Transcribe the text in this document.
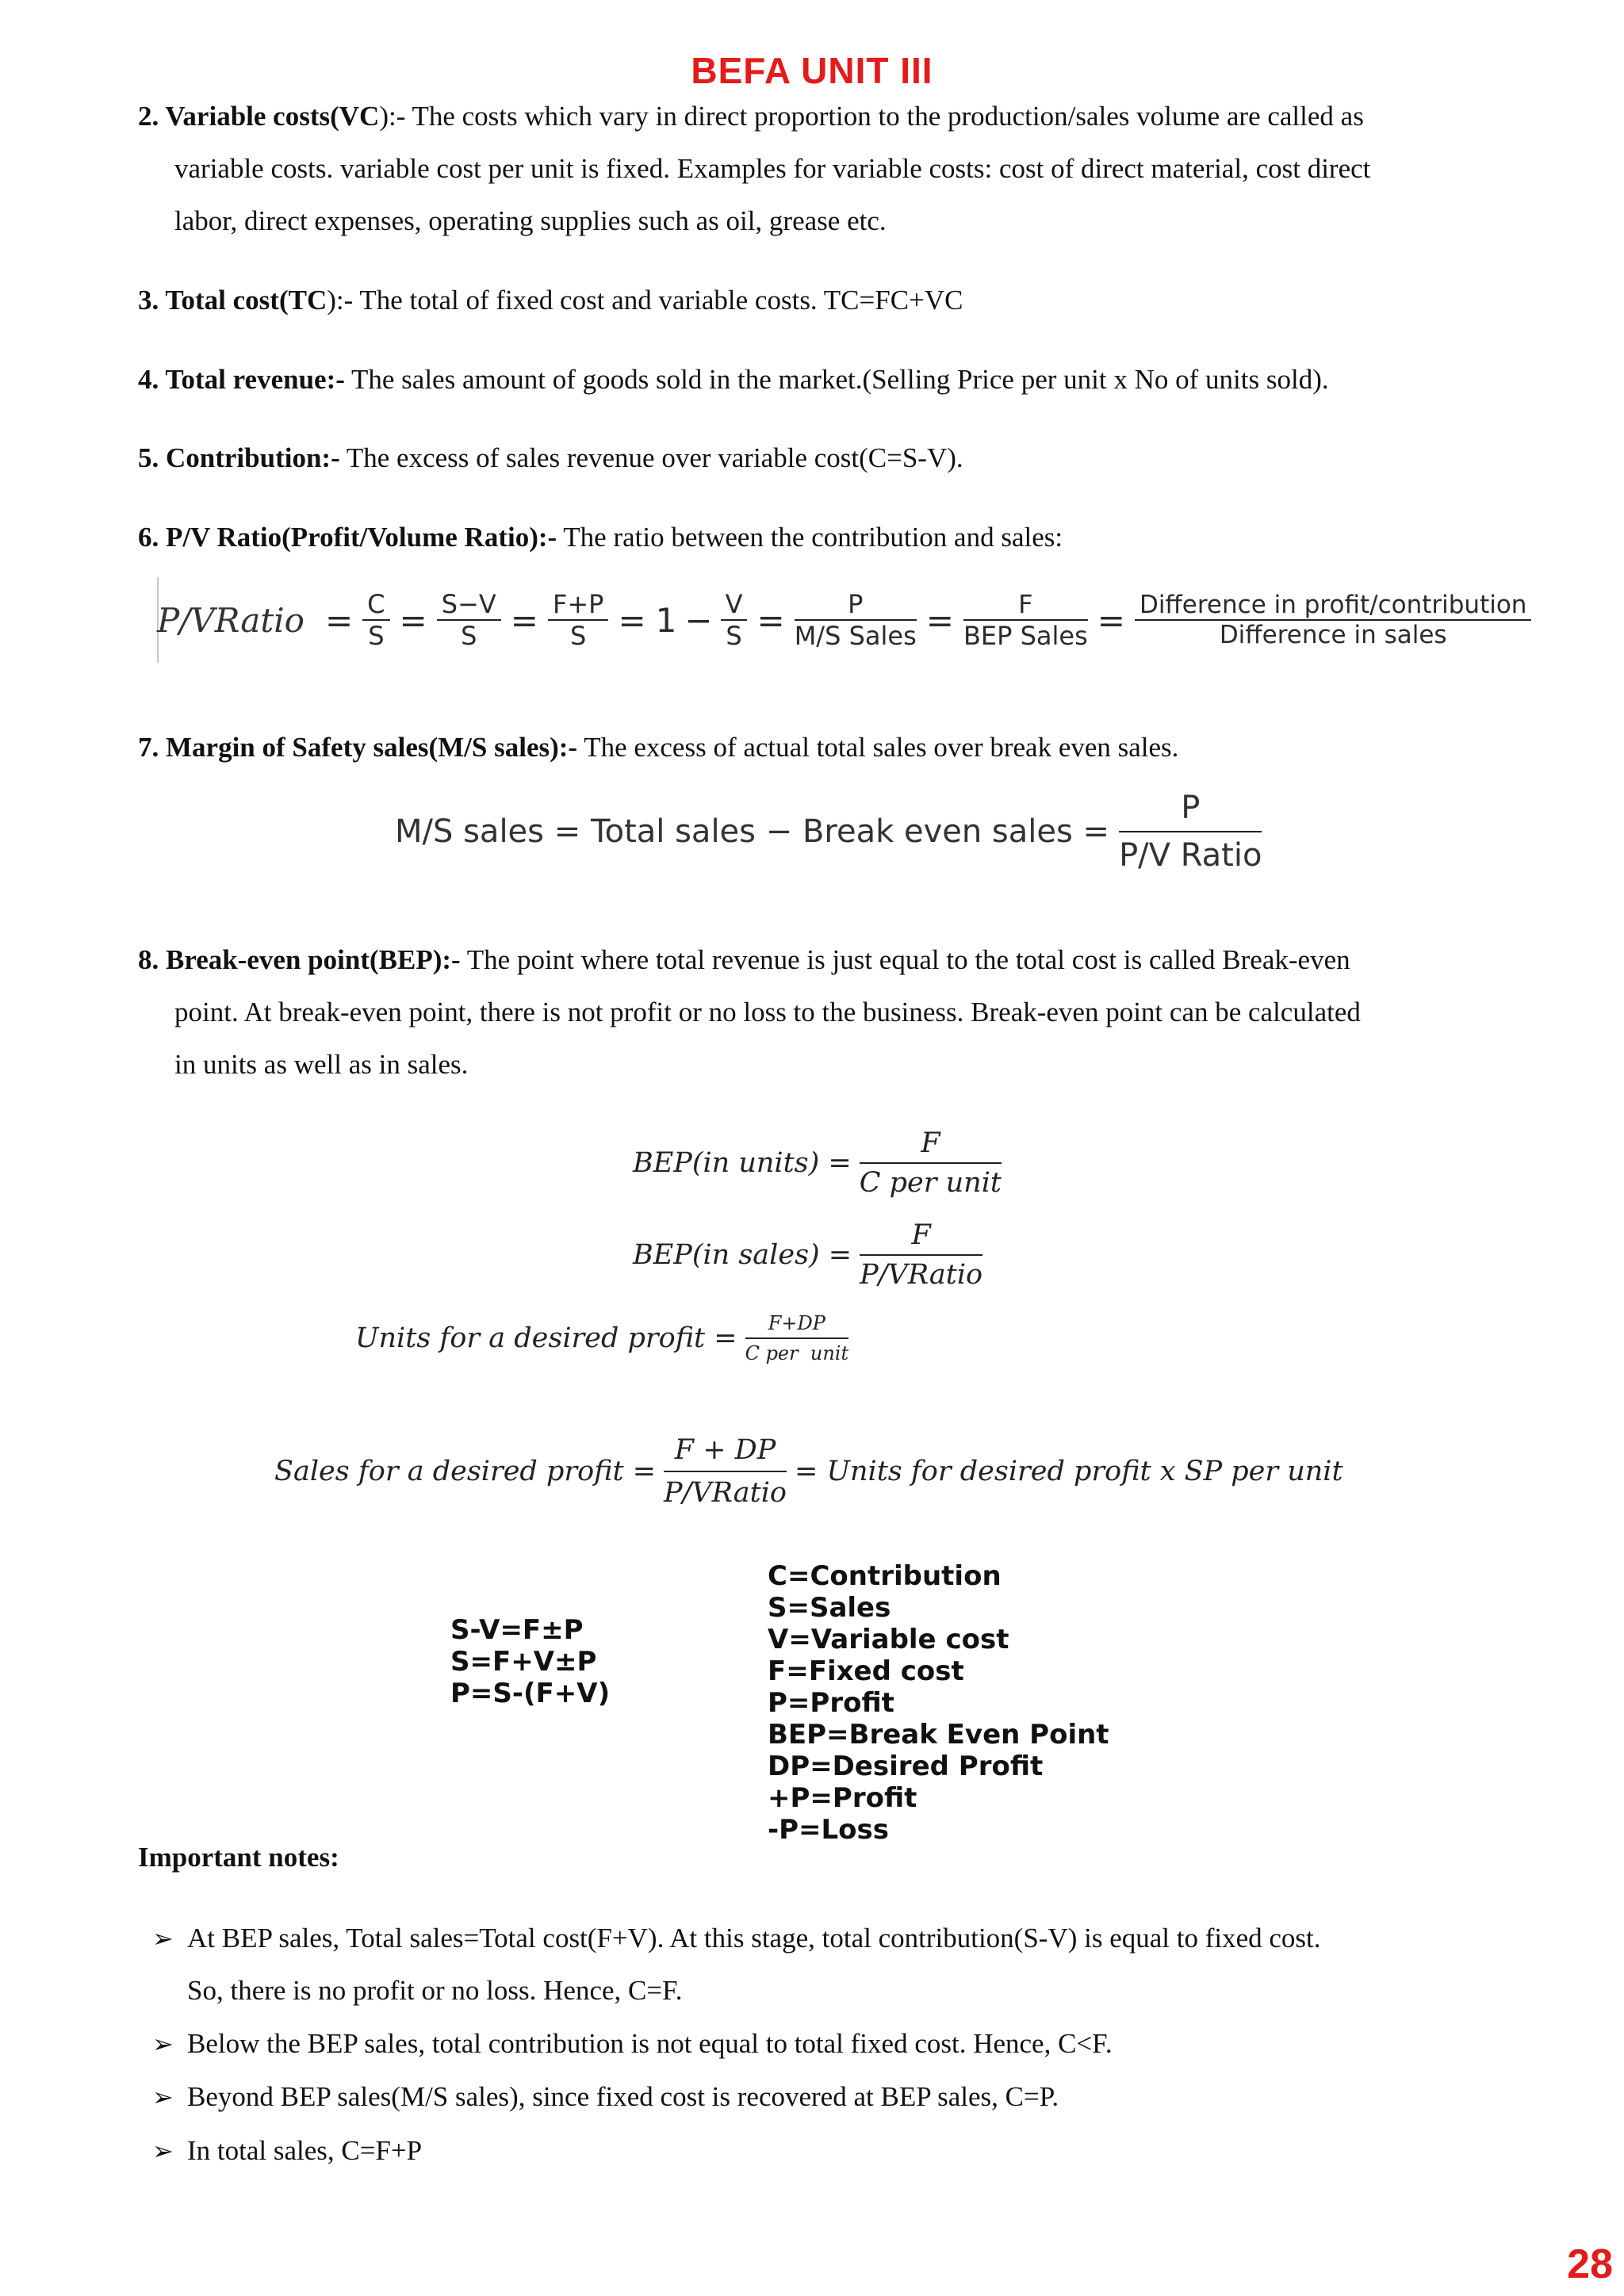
BEFA UNIT III
2. Variable costs(VC):- The costs which vary in direct proportion to the production/sales volume are called as
variable costs. variable cost per unit is fixed. Examples for variable costs: cost of direct material, cost direct
labor, direct expenses, operating supplies such as oil, grease etc.
3. Total cost(TC):- The total of fixed cost and variable costs. TC=FC+VC
4. Total revenue:- The sales amount of goods sold in the market.(Selling Price per unit x No of units sold).
5. Contribution:- The excess of sales revenue over variable cost(C=S-V).
6. P/V Ratio(Profit/Volume Ratio):- The ratio between the contribution and sales:
P/VRatio = $\frac{C}{S} = \frac{S-V}{S} = \frac{F+P}{S} = 1 - \frac{V}{S} = \frac{P}{\text{M/S Sales}} = \frac{F}{\text{BEP Sales}} = \frac{\text{Difference in profit/contribution}}{\text{Difference in sales}}$
7. Margin of Safety sales(M/S sales):- The excess of actual total sales over break even sales.
M/S sales = Total sales − Break even sales = $\frac{P}{\text{P/V Ratio}}$
8. Break-even point(BEP):- The point where total revenue is just equal to the total cost is called Break-even
point. At break-even point, there is not profit or no loss to the business. Break-even point can be calculated
in units as well as in sales.
BEP(in units) = $\frac{F}{\text{C per unit}}$
BEP(in sales) = $\frac{F}{\text{P/VRatio}}$
Units for a desired profit = $\frac{F+DP}{\text{C per  unit}}$
Sales for a desired profit = $\frac{F + DP}{\text{P/VRatio}}$ = Units for desired profit x SP per unit
S-V=F±P
S=F+V±P
P=S-(F+V)
C=Contribution
S=Sales
V=Variable cost
F=Fixed cost
P=Profit
BEP=Break Even Point
DP=Desired Profit
+P=Profit
-P=Loss
Important notes:
➢ At BEP sales, Total sales=Total cost(F+V). At this stage, total contribution(S-V) is equal to fixed cost.
So, there is no profit or no loss. Hence, C=F.
➢ Below the BEP sales, total contribution is not equal to total fixed cost. Hence, C<F.
➢ Beyond BEP sales(M/S sales), since fixed cost is recovered at BEP sales, C=P.
➢ In total sales, C=F+P
28
